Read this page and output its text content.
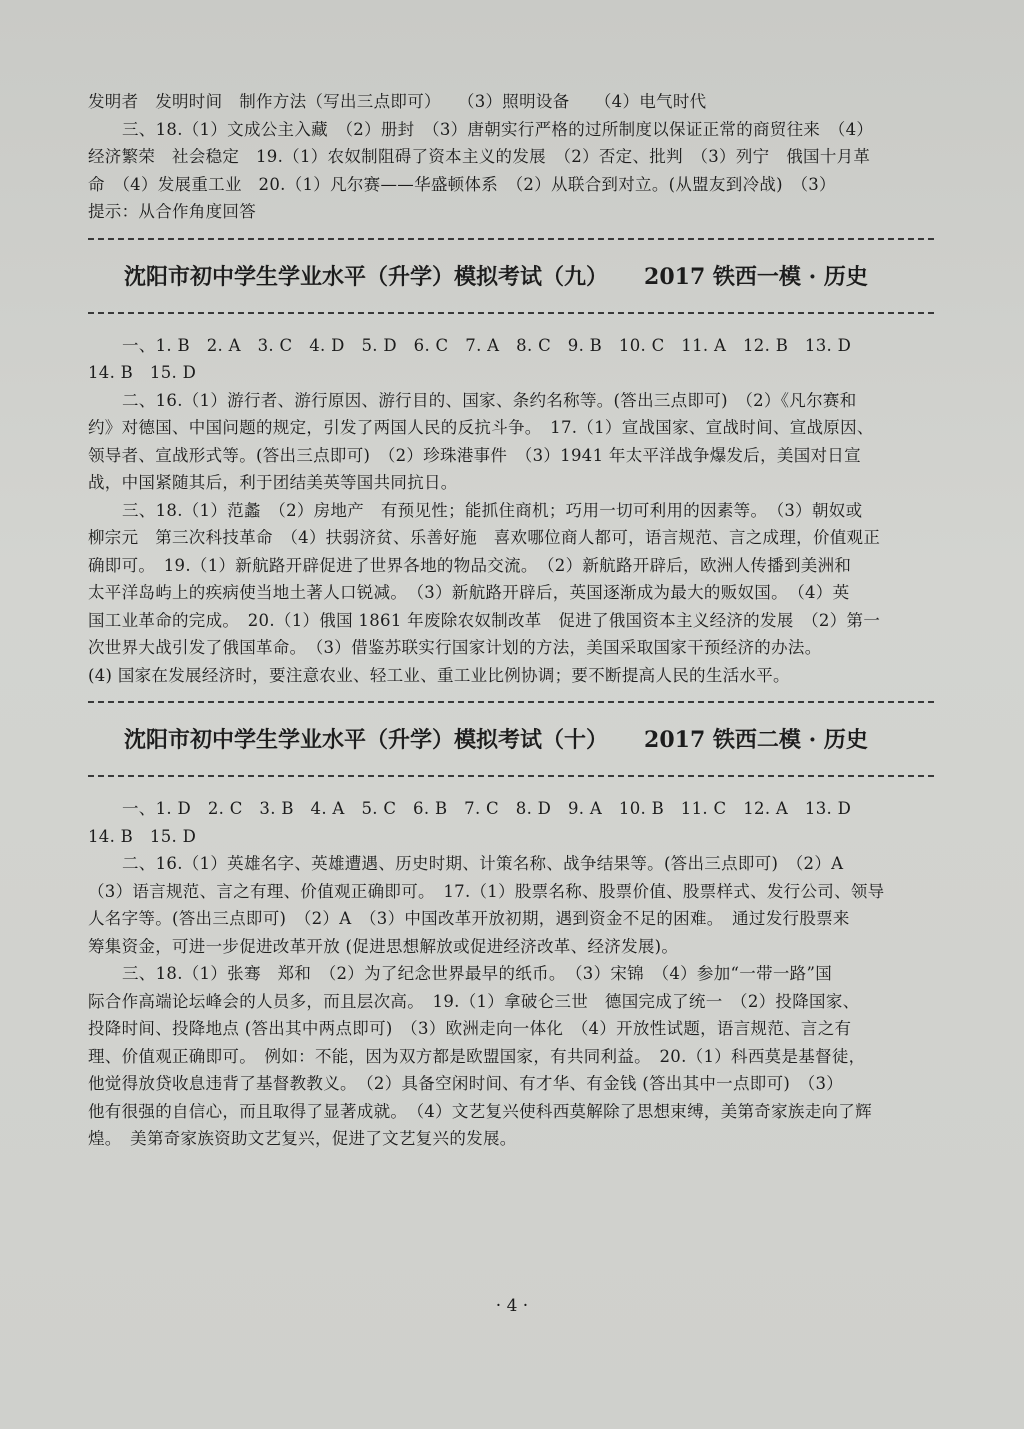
发明者　发明时间　制作方法（写出三点即可）　　（3）照明设备　　（4）电气时代

三、18.（1）文成公主入藏　（2）册封　（3）唐朝实行严格的过所制度以保证正常的商贸往来　（4）

经济繁荣　社会稳定　19.（1）农奴制阻碍了资本主义的发展　（2）否定、批判　（3）列宁　俄国十月革

命　（4）发展重工业　20.（1）凡尔赛——华盛顿体系　（2）从联合到对立。(从盟友到冷战)　（3）

提示：从合作角度回答

沈阳市初中学生学业水平（升学）模拟考试（九） 2017 铁西一模 · 历史

一、1. B　2. A　3. C　4. D　5. D　6. C　7. A　8. C　9. B　10. C　11. A　12. B　13. D

14. B　15. D

二、16.（1）游行者、游行原因、游行目的、国家、条约名称等。(答出三点即可)　（2）《凡尔赛和

约》对德国、中国问题的规定，引发了两国人民的反抗斗争。　17.（1）宣战国家、宣战时间、宣战原因、

领导者、宣战形式等。(答出三点即可)　（2）珍珠港事件　（3）1941 年太平洋战争爆发后，美国对日宣

战，中国紧随其后，利于团结美英等国共同抗日。

三、18.（1）范蠡　（2）房地产　有预见性；能抓住商机；巧用一切可利用的因素等。　（3）朝奴或

柳宗元　第三次科技革命　（4）扶弱济贫、乐善好施　喜欢哪位商人都可，语言规范、言之成理，价值观正

确即可。　19.（1）新航路开辟促进了世界各地的物品交流。　（2）新航路开辟后，欧洲人传播到美洲和

太平洋岛屿上的疾病使当地土著人口锐减。　（3）新航路开辟后，英国逐渐成为最大的贩奴国。　（4）英

国工业革命的完成。　20.（1）俄国 1861 年废除农奴制改革　促进了俄国资本主义经济的发展　（2）第一

次世界大战引发了俄国革命。　（3）借鉴苏联实行国家计划的方法，美国采取国家干预经济的办法。

(4) 国家在发展经济时，要注意农业、轻工业、重工业比例协调；要不断提高人民的生活水平。

沈阳市初中学生学业水平（升学）模拟考试（十） 2017 铁西二模 · 历史

一、1. D　2. C　3. B　4. A　5. C　6. B　7. C　8. D　9. A　10. B　11. C　12. A　13. D

14. B　15. D

二、16.（1）英雄名字、英雄遭遇、历史时期、计策名称、战争结果等。(答出三点即可)　（2）A

（3）语言规范、言之有理、价值观正确即可。　17.（1）股票名称、股票价值、股票样式、发行公司、领导

人名字等。(答出三点即可)　（2）A　（3）中国改革开放初期，遇到资金不足的困难。　通过发行股票来

筹集资金，可进一步促进改革开放 (促进思想解放或促进经济改革、经济发展)。

三、18.（1）张骞　郑和　（2）为了纪念世界最早的纸币。　（3）宋锦　（4）参加“一带一路”国

际合作高端论坛峰会的人员多，而且层次高。　19.（1）拿破仑三世　德国完成了统一　（2）投降国家、

投降时间、投降地点 (答出其中两点即可)　（3）欧洲走向一体化　（4）开放性试题，语言规范、言之有

理、价值观正确即可。　例如：不能，因为双方都是欧盟国家，有共同利益。　20.（1）科西莫是基督徒，

他觉得放贷收息违背了基督教教义。　（2）具备空闲时间、有才华、有金钱 (答出其中一点即可)　（3）

他有很强的自信心，而且取得了显著成就。　（4）文艺复兴使科西莫解除了思想束缚，美第奇家族走向了辉

煌。　美第奇家族资助文艺复兴，促进了文艺复兴的发展。

· 4 ·
